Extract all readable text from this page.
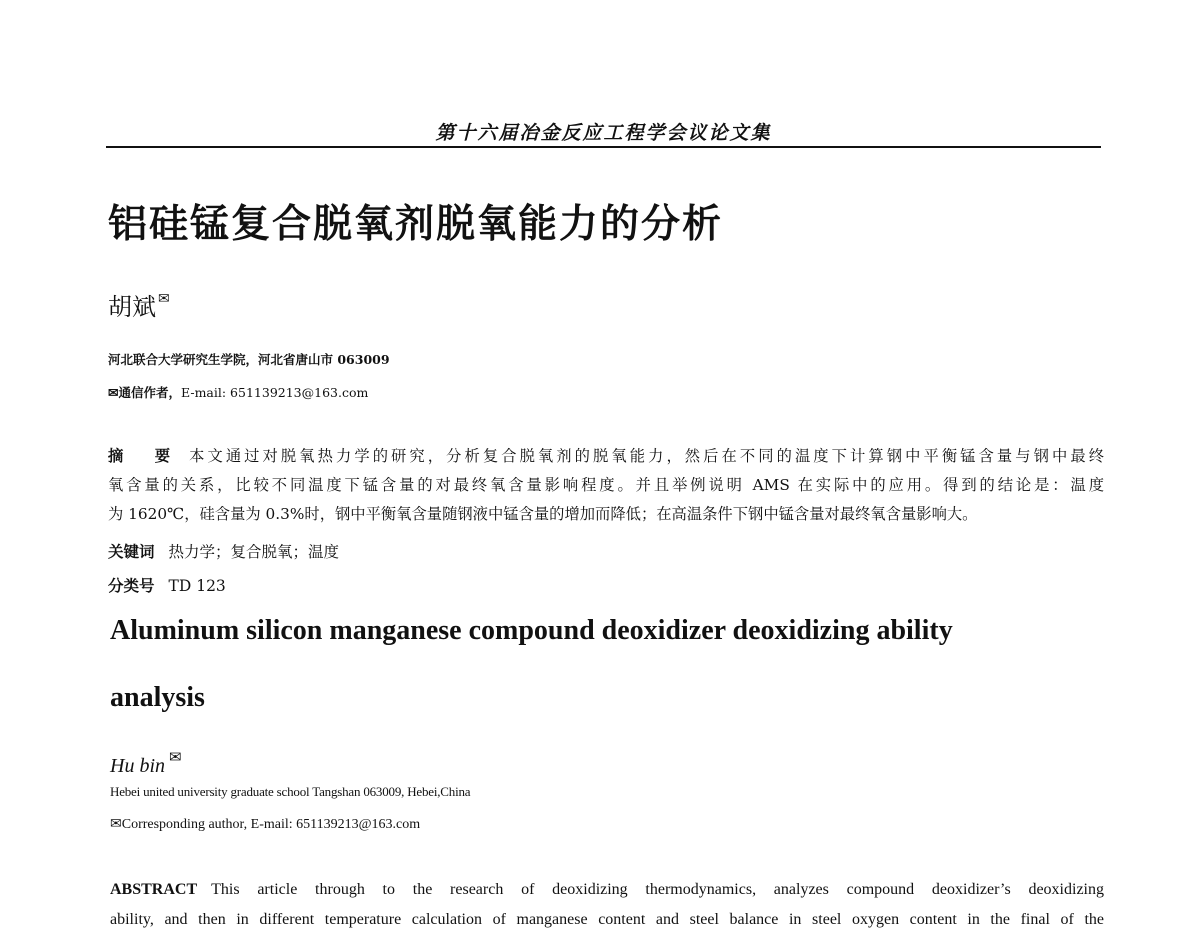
第十六届冶金反应工程学会议论文集
铝硅锰复合脱氧剂脱氧能力的分析
胡斌 ✉
河北联合大学研究生学院，河北省唐山市 063009
✉通信作者，E-mail: 651139213@163.com
摘 要 本文通过对脱氧热力学的研究，分析复合脱氧剂的脱氧能力，然后在不同的温度下计算钢中平衡锰含量与钢中最终
氧含量的关系，比较不同温度下锰含量的对最终氧含量影响程度。并且举例说明 AMS 在实际中的应用。得到的结论是：温度
为 1620℃，硅含量为 0.3%时，钢中平衡氧含量随钢液中锰含量的增加而降低；在高温条件下钢中锰含量对最终氧含量影响大。
关键词 热力学；复合脱氧；温度
分类号 TD 123
Aluminum silicon manganese compound deoxidizer deoxidizing ability
analysis
Hu bin ✉
Hebei united university graduate school Tangshan 063009, Hebei,China
✉Corresponding author, E-mail: 651139213@163.com
ABSTRACT This article through to the research of deoxidizing thermodynamics, analyzes compound deoxidizer’s deoxidizing
ability, and then in different temperature calculation of manganese content and steel balance in steel oxygen content in the final of the
